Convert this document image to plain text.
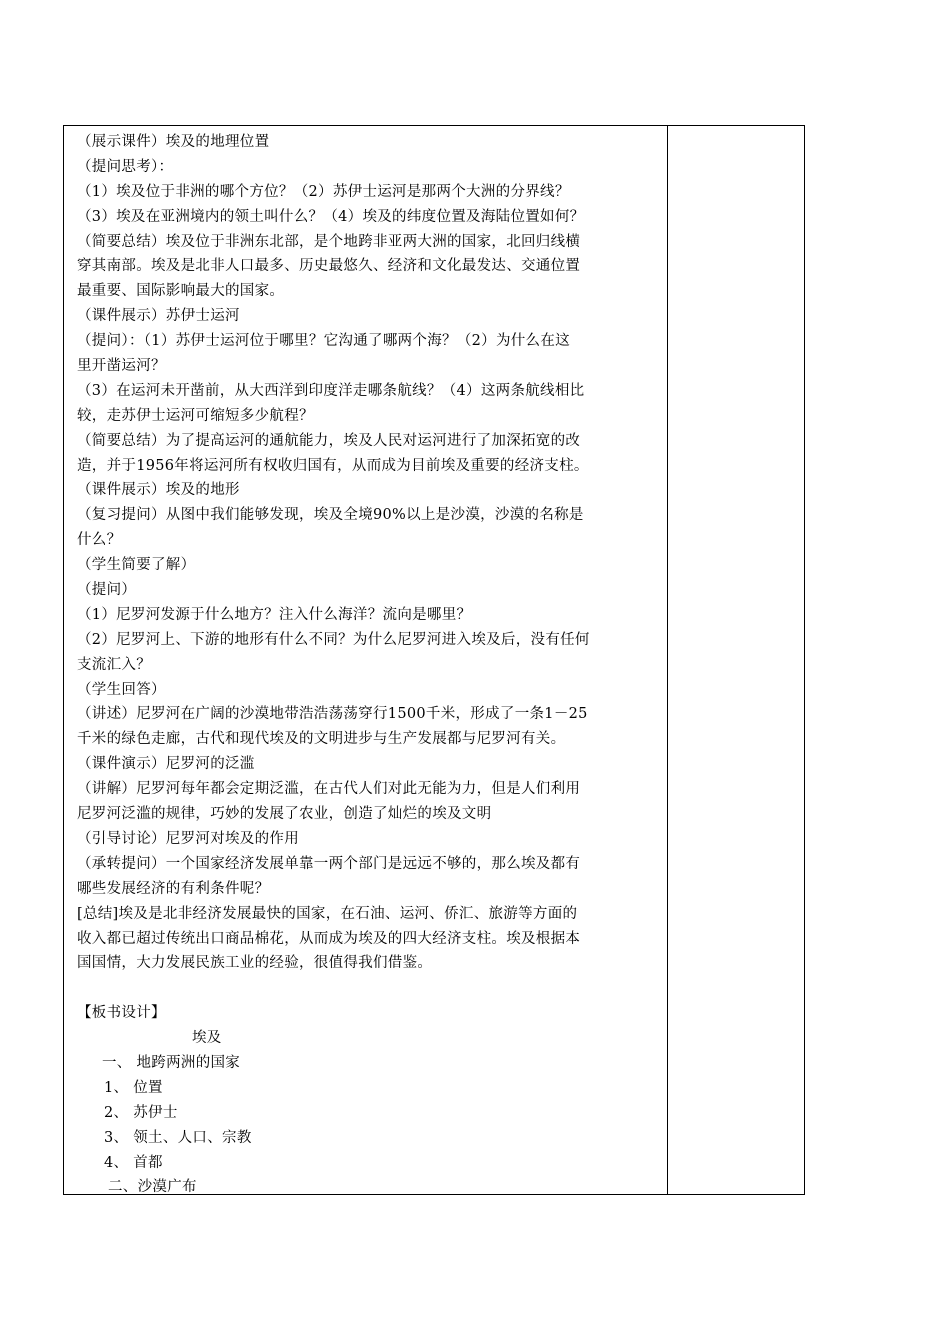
（展示课件）埃及的地理位置
（提问思考）：
（1）埃及位于非洲的哪个方位？（2）苏伊士运河是那两个大洲的分界线？
（3）埃及在亚洲境内的领土叫什么？（4）埃及的纬度位置及海陆位置如何？
（简要总结）埃及位于非洲东北部，是个地跨非亚两大洲的国家，北回归线横
穿其南部。埃及是北非人口最多、历史最悠久、经济和文化最发达、交通位置
最重要、国际影响最大的国家。
（课件展示）苏伊士运河
（提问）：（1）苏伊士运河位于哪里？它沟通了哪两个海？（2）为什么在这
里开凿运河？
（3）在运河未开凿前，从大西洋到印度洋走哪条航线？（4）这两条航线相比
较，走苏伊士运河可缩短多少航程？
（简要总结）为了提高运河的通航能力，埃及人民对运河进行了加深拓宽的改
造，并于1956年将运河所有权收归国有，从而成为目前埃及重要的经济支柱。
（课件展示）埃及的地形
（复习提问）从图中我们能够发现，埃及全境90%以上是沙漠，沙漠的名称是
什么？
（学生简要了解）
（提问）
（1）尼罗河发源于什么地方？注入什么海洋？流向是哪里？
（2）尼罗河上、下游的地形有什么不同？为什么尼罗河进入埃及后，没有任何
支流汇入？
（学生回答）
（讲述）尼罗河在广阔的沙漠地带浩浩荡荡穿行1500千米，形成了一条1－25
千米的绿色走廊，古代和现代埃及的文明进步与生产发展都与尼罗河有关。
（课件演示）尼罗河的泛滥
（讲解）尼罗河每年都会定期泛滥，在古代人们对此无能为力，但是人们利用
尼罗河泛滥的规律，巧妙的发展了农业，创造了灿烂的埃及文明
（引导讨论）尼罗河对埃及的作用
（承转提问）一个国家经济发展单靠一两个部门是远远不够的，那么埃及都有
哪些发展经济的有利条件呢？
[总结]埃及是北非经济发展最快的国家，在石油、运河、侨汇、旅游等方面的
收入都已超过传统出口商品棉花，从而成为埃及的四大经济支柱。埃及根据本
国国情，大力发展民族工业的经验，很值得我们借鉴。
【板书设计】
埃及
一、 地跨两洲的国家
1、 位置
2、 苏伊士
3、 领土、人口、宗教
4、 首都
二、沙漠广布
